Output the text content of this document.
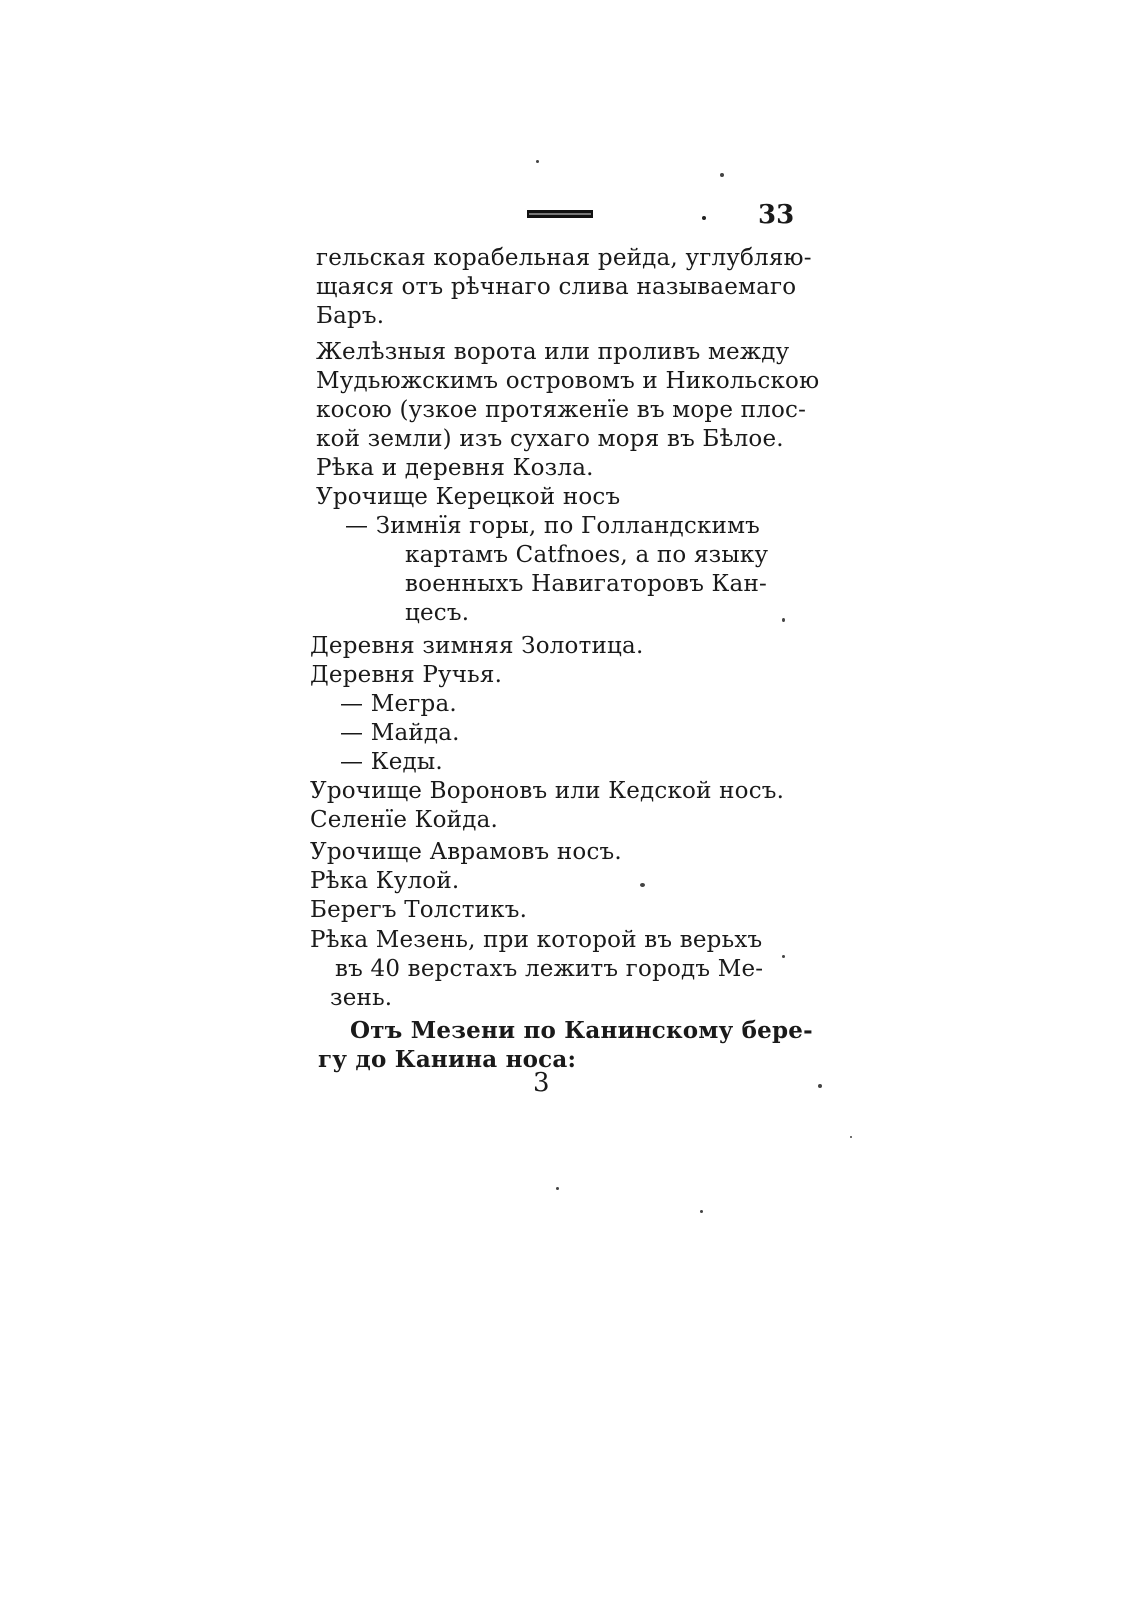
33
гельская корабельная рейда, углубляю-
щаяся отъ рѣчнаго слива называемаго
Баръ.
Желѣзныя ворота или проливъ между
Мудьюжскимъ островомъ и Никольскою
косою (узкое протяженїе въ море плос-
кой земли) изъ сухаго моря въ Бѣлое.
Рѣка и деревня Козла.
Урочище Керецкой носъ
— Зимнїя горы, по Голландскимъ
картамъ Catfnoes, а по языку
военныхъ Навигаторовъ Кан-
цесъ.
Деревня зимняя Золотица.
Деревня Ручья.
— Мегра.
— Майда.
— Кеды.
Урочище Вороновъ или Кедской носъ.
Селенїе Койда.
Урочище Аврамовъ носъ.
Рѣка Кулой.
Берегъ Толстикъ.
Рѣка Мезень, при которой въ верьхъ
въ 40 верстахъ лежитъ городъ Ме-
зень.
Отъ Мезени по Канинскому бере-
гу до Канина носа:
3
